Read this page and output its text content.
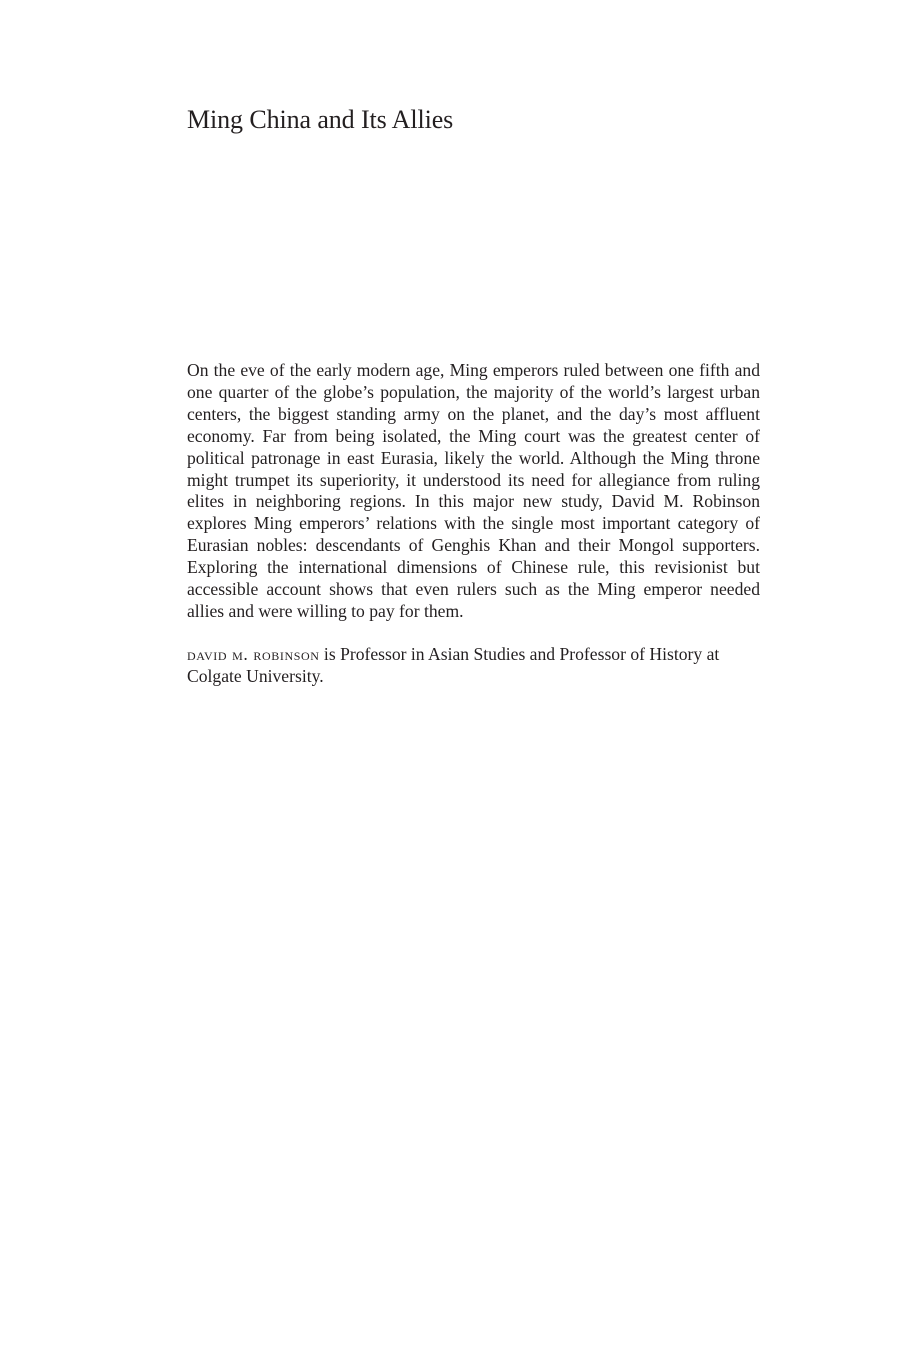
Ming China and Its Allies

On the eve of the early modern age, Ming emperors ruled between one fifth and one quarter of the globe’s population, the majority of the world’s largest urban centers, the biggest standing army on the planet, and the day’s most affluent economy. Far from being isolated, the Ming court was the greatest center of political patronage in east Eurasia, likely the world. Although the Ming throne might trumpet its superiority, it understood its need for allegiance from ruling elites in neighboring regions. In this major new study, David M. Robinson explores Ming emperors’ relations with the single most important category of Eurasian nobles: descendants of Genghis Khan and their Mongol supporters. Exploring the international dimensions of Chinese rule, this revisionist but accessible account shows that even rulers such as the Ming emperor needed allies and were willing to pay for them.

david m. robinson is Professor in Asian Studies and Professor of History at Colgate University.
